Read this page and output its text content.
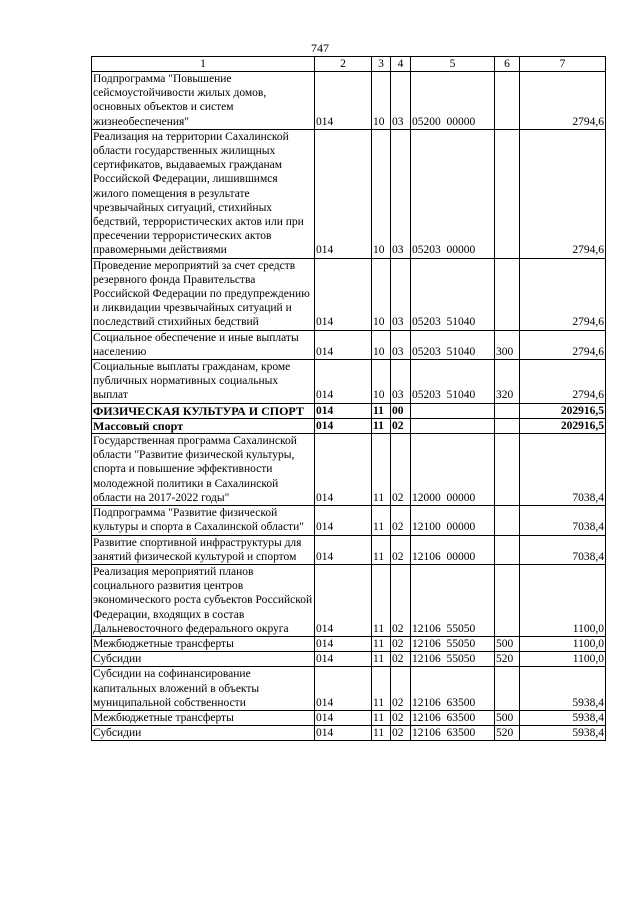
747
1	2	3	4	5	6	7
Подпрограмма "Повышение сейсмоустойчивости жилых домов, основных объектов и систем жизнеобеспечения"	014	10	03	05200  00000		2794,6
Реализация на территории Сахалинской области государственных жилищных сертификатов, выдаваемых гражданам Российской Федерации, лишившимся жилого помещения в результате чрезвычайных ситуаций, стихийных бедствий, террористических актов или при пресечении террористических актов правомерными действиями	014	10	03	05203  00000		2794,6
Проведение мероприятий за счет средств резервного фонда Правительства Российской Федерации по предупреждению и ликвидации чрезвычайных ситуаций и последствий стихийных бедствий	014	10	03	05203  51040		2794,6
Социальное обеспечение и иные выплаты населению	014	10	03	05203  51040	300	2794,6
Социальные выплаты гражданам, кроме публичных нормативных социальных выплат	014	10	03	05203  51040	320	2794,6
ФИЗИЧЕСКАЯ КУЛЬТУРА И СПОРТ	014	11	00			202916,5
Массовый спорт	014	11	02			202916,5
Государственная программа Сахалинской области "Развитие физической культуры, спорта и повышение эффективности молодежной политики в Сахалинской области на 2017-2022 годы"	014	11	02	12000  00000		7038,4
Подпрограмма "Развитие физической культуры и спорта в Сахалинской области"	014	11	02	12100  00000		7038,4
Развитие спортивной инфраструктуры для занятий физической культурой и спортом	014	11	02	12106  00000		7038,4
Реализация мероприятий планов социального развития центров экономического роста субъектов Российской Федерации, входящих в состав Дальневосточного федерального округа	014	11	02	12106  55050		1100,0
Межбюджетные трансферты	014	11	02	12106  55050	500	1100,0
Субсидии	014	11	02	12106  55050	520	1100,0
Субсидии на софинансирование капитальных вложений в объекты муниципальной собственности	014	11	02	12106  63500		5938,4
Межбюджетные трансферты	014	11	02	12106  63500	500	5938,4
Субсидии	014	11	02	12106  63500	520	5938,4
